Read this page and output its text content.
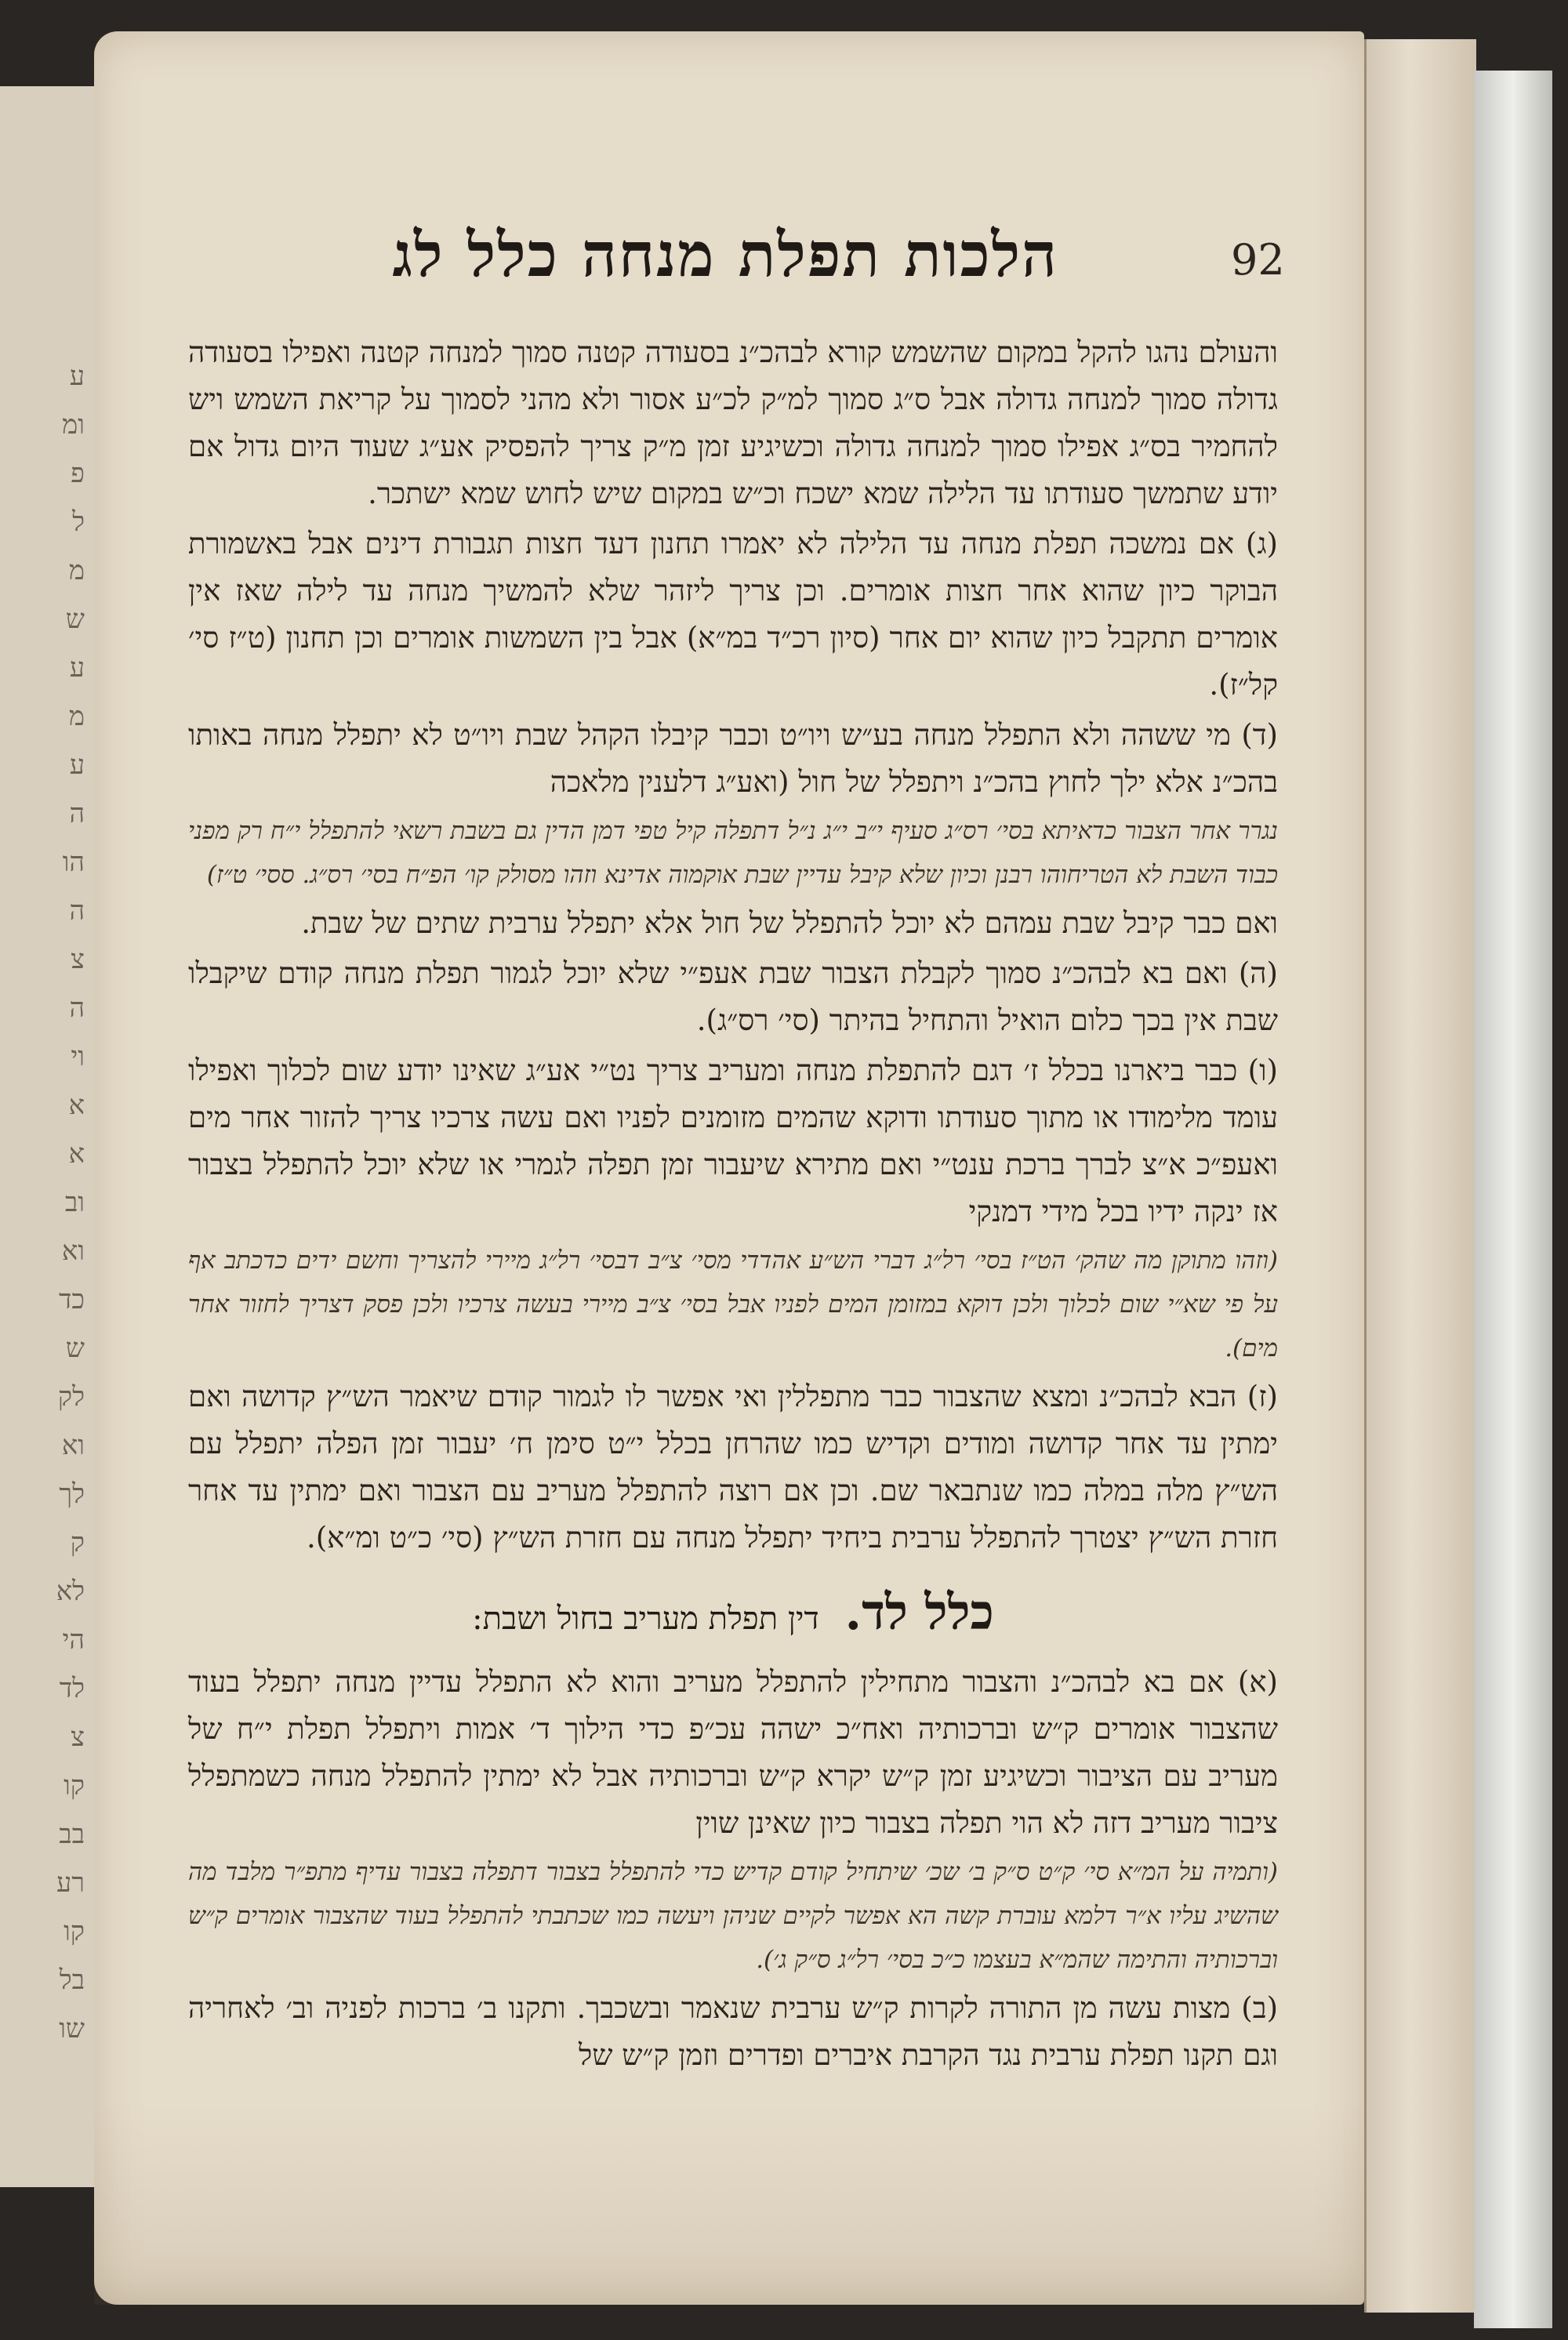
ע
ומ
פ
ל
מ
ש
ע
מ
ע
ה
הו
ה
צ
ה
וי
א
א
וב
וא
כד
ש
לק
וא
לך
ק
לא
הי
לד
צ
קו
בב
רע
קו
בל
שו
92
הלכות תפלת מנחה כלל לג

והעולם נהגו להקל במקום שהשמש קורא לבהכ״נ בסעודה קטנה סמוך למנחה קטנה ואפילו בסעודה גדולה סמוך למנחה גדולה אבל ס״ג סמוך למ״ק לכ״ע אסור ולא מהני לסמוך על קריאת השמש ויש להחמיר בס״ג אפילו סמוך למנחה גדולה וכשיגיע זמן מ״ק צריך להפסיק אע״ג שעוד היום גדול אם יודע שתמשך סעודתו עד הלילה שמא ישכח וכ״ש במקום שיש לחוש שמא ישתכר.

(ג) אם נמשכה תפלת מנחה עד הלילה לא יאמרו תחנון דעד חצות תגבורת דינים אבל באשמורת הבוקר כיון שהוא אחר חצות אומרים. וכן צריך ליזהר שלא להמשיך מנחה עד לילה שאז אין אומרים תתקבל כיון שהוא יום אחר (סיון רכ״ד במ״א) אבל בין השמשות אומרים וכן תחנון (ט״ז סי׳ קל״ז).

(ד) מי ששהה ולא התפלל מנחה בע״ש ויו״ט וכבר קיבלו הקהל שבת ויו״ט לא יתפלל מנחה באותו בהכ״נ אלא ילך לחוץ בהכ״נ ויתפלל של חול (ואע״ג דלענין מלאכה

נגרר אחר הצבור כדאיתא בסי׳ רס״ג סעיף י״ב י״ג נ״ל דתפלה קיל טפי דמן הדין גם בשבת רשאי להתפלל י״ח רק מפני כבוד השבת לא הטריחוהו רבנן וכיון שלא קיבל עדיין שבת אוקמוה אדינא וזהו מסולק קו׳ הפ״ח בסי׳ רס״ג. ססי׳ ט״ז)

ואם כבר קיבל שבת עמהם לא יוכל להתפלל של חול אלא יתפלל ערבית שתים של שבת.

(ה) ואם בא לבהכ״נ סמוך לקבלת הצבור שבת אעפ״י שלא יוכל לגמור תפלת מנחה קודם שיקבלו שבת אין בכך כלום הואיל והתחיל בהיתר (סי׳ רס״ג).

(ו) כבר ביארנו בכלל ז׳ דגם להתפלת מנחה ומעריב צריך נט״י אע״ג שאינו יודע שום לכלוך ואפילו עומד מלימודו או מתוך סעודתו ודוקא שהמים מזומנים לפניו ואם עשה צרכיו צריך להזור אחר מים ואעפ״כ א״צ לברך ברכת ענט״י ואם מתירא שיעבור זמן תפלה לגמרי או שלא יוכל להתפלל בצבור אז ינקה ידיו בכל מידי דמנקי

(וזהו מתוקן מה שהק׳ הט״ז בסי׳ רל״ג דברי הש״ע אהדדי מסי׳ צ״ב דבסי׳ רל״ג מיירי להצריך וחשם ידים כדכתב אף על פי שא״י שום לכלוך ולכן דוקא במזומן המים לפניו אבל בסי׳ צ״ב מיירי בעשה צרכיו ולכן פסק דצריך לחזור אחר מים).

(ז) הבא לבהכ״נ ומצא שהצבור כבר מתפללין ואי אפשר לו לגמור קודם שיאמר הש״ץ קדושה ואם ימתין עד אחר קדושה ומודים וקדיש כמו שהרחן בכלל י״ט סימן ח׳ יעבור זמן הפלה יתפלל עם הש״ץ מלה במלה כמו שנתבאר שם. וכן אם רוצה להתפלל מעריב עם הצבור ואם ימתין עד אחר חזרת הש״ץ יצטרך להתפלל ערבית ביחיד יתפלל מנחה עם חזרת הש״ץ (סי׳ כ״ט ומ״א).

כלל לד. דין תפלת מעריב בחול ושבת:

(א) אם בא לבהכ״נ והצבור מתחילין להתפלל מעריב והוא לא התפלל עדיין מנחה יתפלל בעוד שהצבור אומרים ק״ש וברכותיה ואח״כ ישהה עכ״פ כדי הילוך ד׳ אמות ויתפלל תפלת י״ח של מעריב עם הציבור וכשיגיע זמן ק״ש יקרא ק״ש וברכותיה אבל לא ימתין להתפלל מנחה כשמתפלל ציבור מעריב דזה לא הוי תפלה בצבור כיון שאינן שוין

(ותמיה על המ״א סי׳ ק״ט ס״ק ב׳ שכ׳ שיתחיל קודם קדיש כדי להתפלל בצבור דתפלה בצבור עדיף מתפ״ר מלבד מה שהשיג עליו א״ר דלמא עוברת קשה הא אפשר לקיים שניהן ויעשה כמו שכתבתי להתפלל בעוד שהצבור אומרים ק״ש וברכותיה והתימה שהמ״א בעצמו כ״כ בסי׳ רל״ג ס״ק ג׳).

(ב) מצות עשה מן התורה לקרות ק״ש ערבית שנאמר ובשכבך. ותקנו ב׳ ברכות לפניה וב׳ לאחריה וגם תקנו תפלת ערבית נגד הקרבת איברים ופדרים וזמן ק״ש של
